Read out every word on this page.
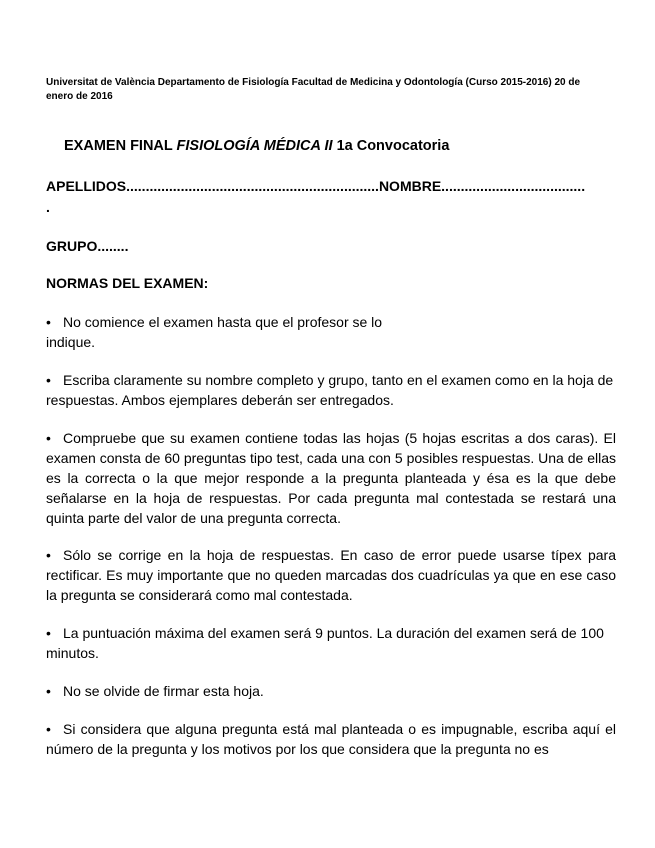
Universitat de València Departamento de Fisiología Facultad de Medicina y Odontología (Curso 2015-2016) 20 de enero de 2016
EXAMEN FINAL FISIOLOGÍA MÉDICA II 1a Convocatoria
APELLIDOS.................................................................NOMBRE.....................................
.
GRUPO........
NORMAS DEL EXAMEN:
• No comience el examen hasta que el profesor se lo indique.
• Escriba claramente su nombre completo y grupo, tanto en el examen como en la hoja de respuestas. Ambos ejemplares deberán ser entregados.
• Compruebe que su examen contiene todas las hojas (5 hojas escritas a dos caras). El examen consta de 60 preguntas tipo test, cada una con 5 posibles respuestas. Una de ellas es la correcta o la que mejor responde a la pregunta planteada y ésa es la que debe señalarse en la hoja de respuestas. Por cada pregunta mal contestada se restará una quinta parte del valor de una pregunta correcta.
• Sólo se corrige en la hoja de respuestas. En caso de error puede usarse típex para rectificar. Es muy importante que no queden marcadas dos cuadrículas ya que en ese caso la pregunta se considerará como mal contestada.
• La puntuación máxima del examen será 9 puntos. La duración del examen será de 100 minutos.
• No se olvide de firmar esta hoja.
• Si considera que alguna pregunta está mal planteada o es impugnable, escriba aquí el número de la pregunta y los motivos por los que considera que la pregunta no es
